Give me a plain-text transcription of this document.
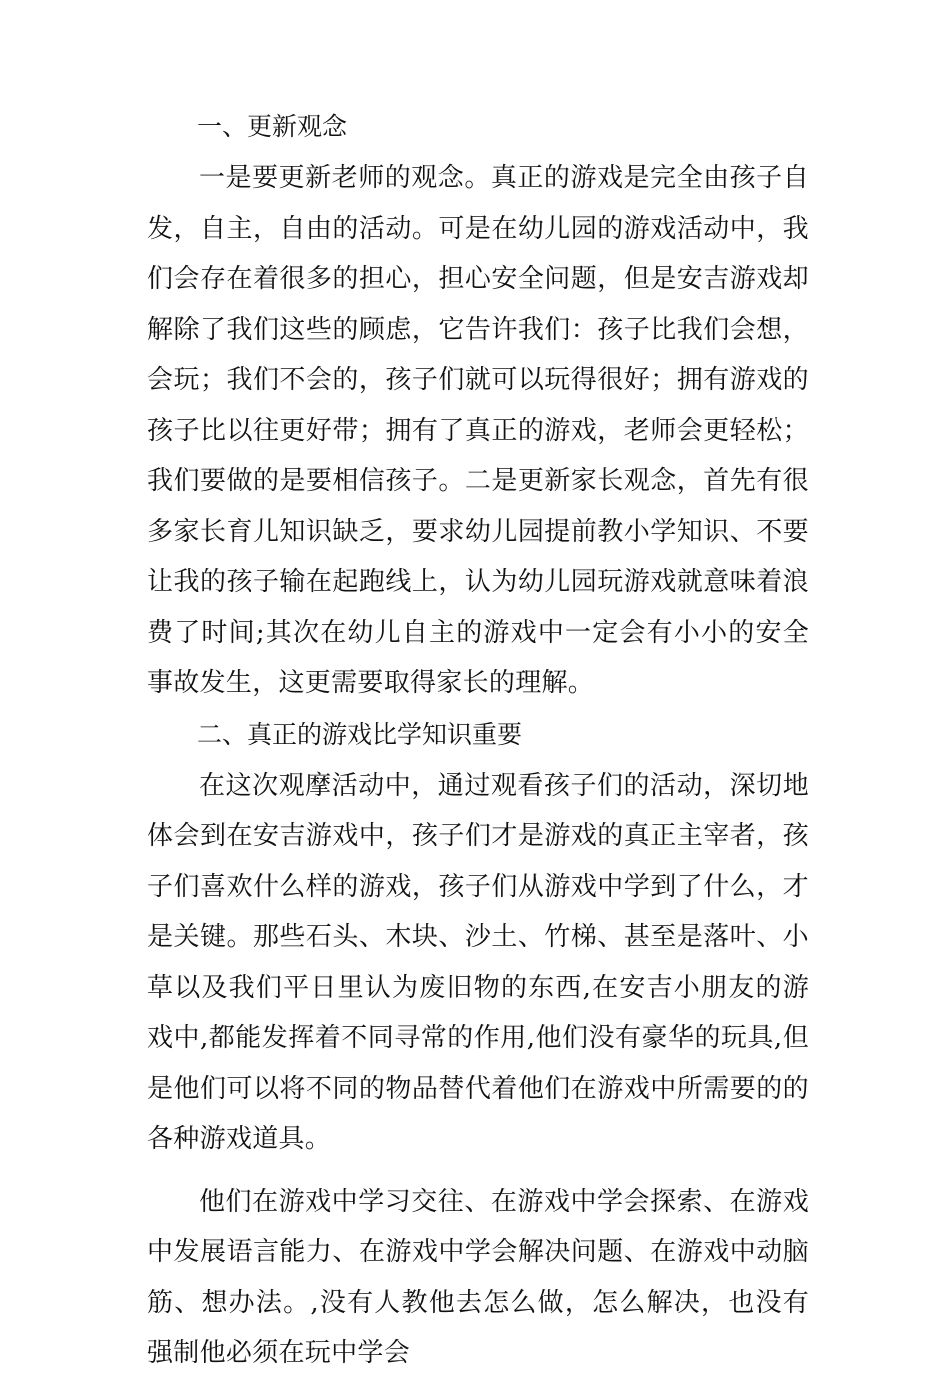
一、更新观念

一是要更新老师的观念。真正的游戏是完全由孩子自发，自主，自由的活动。可是在幼儿园的游戏活动中，我们会存在着很多的担心，担心安全问题，但是安吉游戏却解除了我们这些的顾虑，它告许我们：孩子比我们会想，会玩；我们不会的，孩子们就可以玩得很好；拥有游戏的孩子比以往更好带；拥有了真正的游戏，老师会更轻松；我们要做的是要相信孩子。二是更新家长观念，首先有很多家长育儿知识缺乏，要求幼儿园提前教小学知识、不要让我的孩子输在起跑线上，认为幼儿园玩游戏就意味着浪费了时间;其次在幼儿自主的游戏中一定会有小小的安全事故发生，这更需要取得家长的理解。

二、真正的游戏比学知识重要

在这次观摩活动中，通过观看孩子们的活动，深切地体会到在安吉游戏中，孩子们才是游戏的真正主宰者，孩子们喜欢什么样的游戏，孩子们从游戏中学到了什么，才是关键。那些石头、木块、沙土、竹梯、甚至是落叶、小草以及我们平日里认为废旧物的东西,在安吉小朋友的游戏中,都能发挥着不同寻常的作用,他们没有豪华的玩具,但是他们可以将不同的物品替代着他们在游戏中所需要的的各种游戏道具。

他们在游戏中学习交往、在游戏中学会探索、在游戏中发展语言能力、在游戏中学会解决问题、在游戏中动脑筋、想办法。,没有人教他去怎么做，怎么解决，也没有强制他必须在玩中学会
